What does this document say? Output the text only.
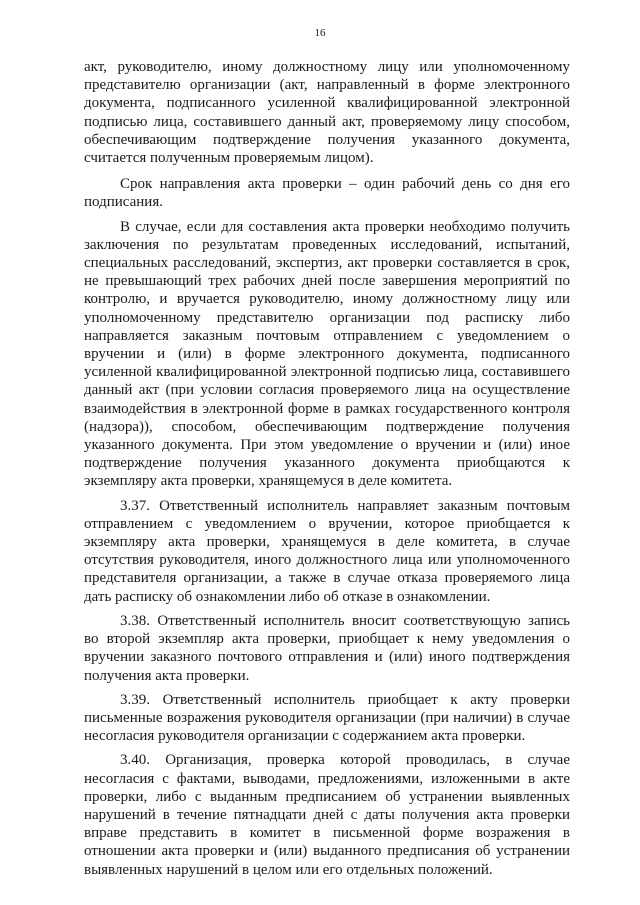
16

акт, руководителю, иному должностному лицу или уполномоченному представителю организации (акт, направленный в форме электронного документа, подписанного усиленной квалифицированной электронной подписью лица, составившего данный акт, проверяемому лицу способом, обеспечивающим подтверждение получения указанного документа, считается полученным проверяемым лицом).

Срок направления акта проверки – один рабочий день со дня его подписания.

В случае, если для составления акта проверки необходимо получить заключения по результатам проведенных исследований, испытаний, специальных расследований, экспертиз, акт проверки составляется в срок, не превышающий трех рабочих дней после завершения мероприятий по контролю, и вручается руководителю, иному должностному лицу или уполномоченному представителю организации под расписку либо направляется заказным почтовым отправлением с уведомлением о вручении и (или) в форме электронного документа, подписанного усиленной квалифицированной электронной подписью лица, составившего данный акт (при условии согласия проверяемого лица на осуществление взаимодействия в электронной форме в рамках государственного контроля (надзора)), способом, обеспечивающим подтверждение получения указанного документа. При этом уведомление о вручении и (или) иное подтверждение получения указанного документа приобщаются к экземпляру акта проверки, хранящемуся в деле комитета.

3.37. Ответственный исполнитель направляет заказным почтовым отправлением с уведомлением о вручении, которое приобщается к экземпляру акта проверки, хранящемуся в деле комитета, в случае отсутствия руководителя, иного должностного лица или уполномоченного представителя организации, а также в случае отказа проверяемого лица дать расписку об ознакомлении либо об отказе в ознакомлении.

3.38. Ответственный исполнитель вносит соответствующую запись во второй экземпляр акта проверки, приобщает к нему уведомления о вручении заказного почтового отправления и (или) иного подтверждения получения акта проверки.

3.39. Ответственный исполнитель приобщает к акту проверки письменные возражения руководителя организации (при наличии) в случае несогласия руководителя организации с содержанием акта проверки.

3.40. Организация, проверка которой проводилась, в случае несогласия с фактами, выводами, предложениями, изложенными в акте проверки, либо с выданным предписанием об устранении выявленных нарушений в течение пятнадцати дней с даты получения акта проверки вправе представить в комитет в письменной форме возражения в отношении акта проверки и (или) выданного предписания об устранении выявленных нарушений в целом или его отдельных положений.
